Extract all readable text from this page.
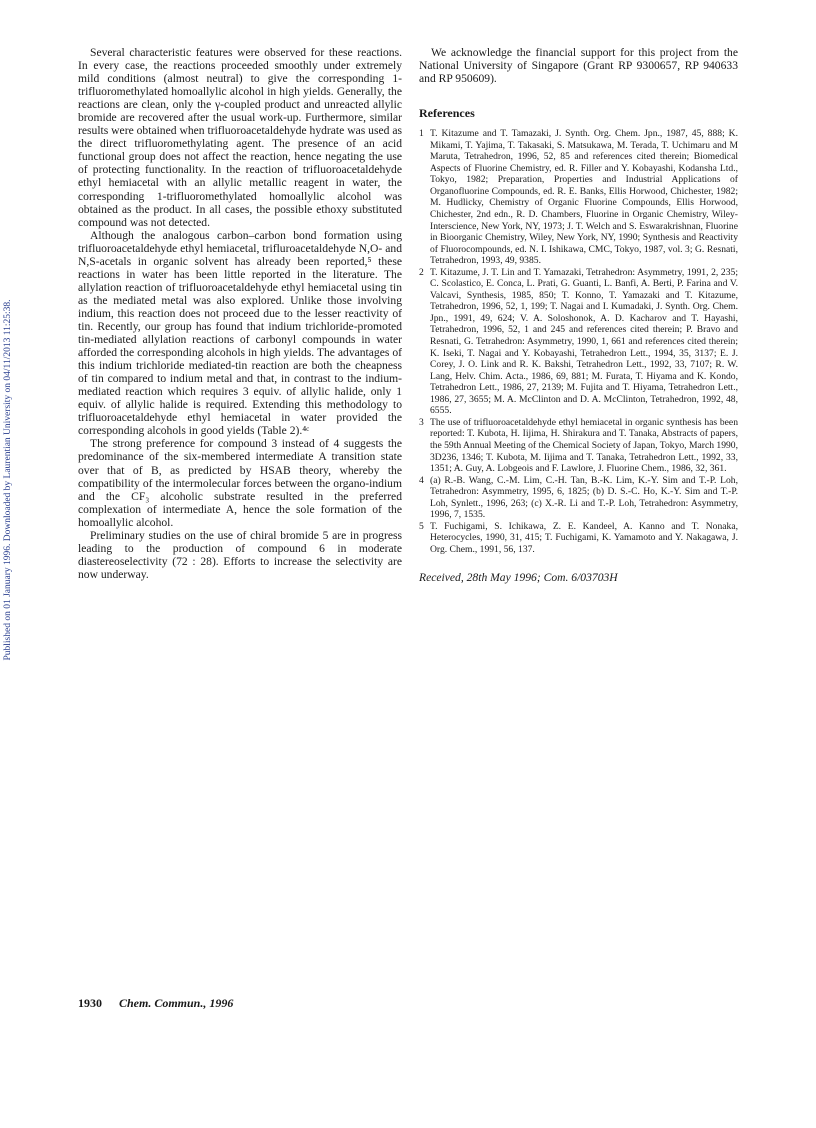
Published on 01 January 1996. Downloaded by Laurentian University on 04/11/2013 11:25:38.

Several characteristic features were observed for these reactions. In every case, the reactions proceeded smoothly under extremely mild conditions (almost neutral) to give the corresponding 1-trifluoromethylated homoallylic alcohol in high yields. Generally, the reactions are clean, only the γ-coupled product and unreacted allylic bromide are recovered after the usual work-up. Furthermore, similar results were obtained when trifluoroacetaldehyde hydrate was used as the direct trifluoromethylating agent. The presence of an acid functional group does not affect the reaction, hence negating the use of protecting functionality. In the reaction of trifluoroacetaldehyde ethyl hemiacetal with an allylic metallic reagent in water, the corresponding 1-trifluoromethylated homoallylic alcohol was obtained as the product. In all cases, the possible ethoxy substituted compound was not detected.

Although the analogous carbon–carbon bond formation using trifluoroacetaldehyde ethyl hemiacetal, trifluroacetaldehyde N,O- and N,S-acetals in organic solvent has already been reported,⁵ these reactions in water has been little reported in the literature. The allylation reaction of trifluoroacetaldehyde ethyl hemiacetal using tin as the mediated metal was also explored. Unlike those involving indium, this reaction does not proceed due to the lesser reactivity of tin. Recently, our group has found that indium trichloride-promoted tin-mediated allylation reactions of carbonyl compounds in water afforded the corresponding alcohols in high yields. The advantages of this indium trichloride mediated-tin reaction are both the cheapness of tin compared to indium metal and that, in contrast to the indium-mediated reaction which requires 3 equiv. of allylic halide, only 1 equiv. of allylic halide is required. Extending this methodology to trifluoroacetaldehyde ethyl hemiacetal in water provided the corresponding alcohols in good yields (Table 2).⁴ᶜ

The strong preference for compound 3 instead of 4 suggests the predominance of the six-membered intermediate A transition state over that of B, as predicted by HSAB theory, whereby the compatibility of the intermolecular forces between the organo-indium and the CF₃ alcoholic substrate resulted in the preferred complexation of intermediate A, hence the sole formation of the homoallylic alcohol.

Preliminary studies on the use of chiral bromide 5 are in progress leading to the production of compound 6 in moderate diastereoselectivity (72 : 28). Efforts to increase the selectivity are now underway.

We acknowledge the financial support for this project from the National University of Singapore (Grant RP 9300657, RP 940633 and RP 950609).

References
1 T. Kitazume and T. Tamazaki, J. Synth. Org. Chem. Jpn., 1987, 45, 888; K. Mikami, T. Yajima, T. Takasaki, S. Matsukawa, M. Terada, T. Uchimaru and M Maruta, Tetrahedron, 1996, 52, 85 and references cited therein; Biomedical Aspects of Fluorine Chemistry, ed. R. Filler and Y. Kobayashi, Kodansha Ltd., Tokyo, 1982; Preparation, Properties and Industrial Applications of Organofluorine Compounds, ed. R. E. Banks, Ellis Horwood, Chichester, 1982; M. Hudlicky, Chemistry of Organic Fluorine Compounds, Ellis Horwood, Chichester, 2nd edn., R. D. Chambers, Fluorine in Organic Chemistry, Wiley-Interscience, New York, NY, 1973; J. T. Welch and S. Eswarakrishnan, Fluorine in Bioorganic Chemistry, Wiley, New York, NY, 1990; Synthesis and Reactivity of Fluorocompounds, ed. N. I. Ishikawa, CMC, Tokyo, 1987, vol. 3; G. Resnati, Tetrahedron, 1993, 49, 9385.
2 T. Kitazume, J. T. Lin and T. Yamazaki, Tetrahedron: Asymmetry, 1991, 2, 235; C. Scolastico, E. Conca, L. Prati, G. Guanti, L. Banfi, A. Berti, P. Farina and V. Valcavi, Synthesis, 1985, 850; T. Konno, T. Yamazaki and T. Kitazume, Tetrahedron, 1996, 52, 1, 199; T. Nagai and I. Kumadaki, J. Synth. Org. Chem. Jpn., 1991, 49, 624; V. A. Soloshonok, A. D. Kacharov and T. Hayashi, Tetrahedron, 1996, 52, 1 and 245 and references cited therein; P. Bravo and Resnati, G. Tetrahedron: Asymmetry, 1990, 1, 661 and references cited therein; K. Iseki, T. Nagai and Y. Kobayashi, Tetrahedron Lett., 1994, 35, 3137; E. J. Corey, J. O. Link and R. K. Bakshi, Tetrahedron Lett., 1992, 33, 7107; R. W. Lang, Helv. Chim. Acta., 1986, 69, 881; M. Furata, T. Hiyama and K. Kondo, Tetrahedron Lett., 1986, 27, 2139; M. Fujita and T. Hiyama, Tetrahedron Lett., 1986, 27, 3655; M. A. McClinton and D. A. McClinton, Tetrahedron, 1992, 48, 6555.
3 The use of trifluoroacetaldehyde ethyl hemiacetal in organic synthesis has been reported: T. Kubota, H. Iijima, H. Shirakura and T. Tanaka, Abstracts of papers, the 59th Annual Meeting of the Chemical Society of Japan, Tokyo, March 1990, 3D236, 1346; T. Kubota, M. Iijima and T. Tanaka, Tetrahedron Lett., 1992, 33, 1351; A. Guy, A. Lobgeois and F. Lawlore, J. Fluorine Chem., 1986, 32, 361.
4 (a) R.-B. Wang, C.-M. Lim, C.-H. Tan, B.-K. Lim, K.-Y. Sim and T.-P. Loh, Tetrahedron: Asymmetry, 1995, 6, 1825; (b) D. S.-C. Ho, K.-Y. Sim and T.-P. Loh, Synlett., 1996, 263; (c) X.-R. Li and T.-P. Loh, Tetrahedron: Asymmetry, 1996, 7, 1535.
5 T. Fuchigami, S. Ichikawa, Z. E. Kandeel, A. Kanno and T. Nonaka, Heterocycles, 1990, 31, 415; T. Fuchigami, K. Yamamoto and Y. Nakagawa, J. Org. Chem., 1991, 56, 137.
Received, 28th May 1996; Com. 6/03703H
1930 Chem. Commun., 1996
